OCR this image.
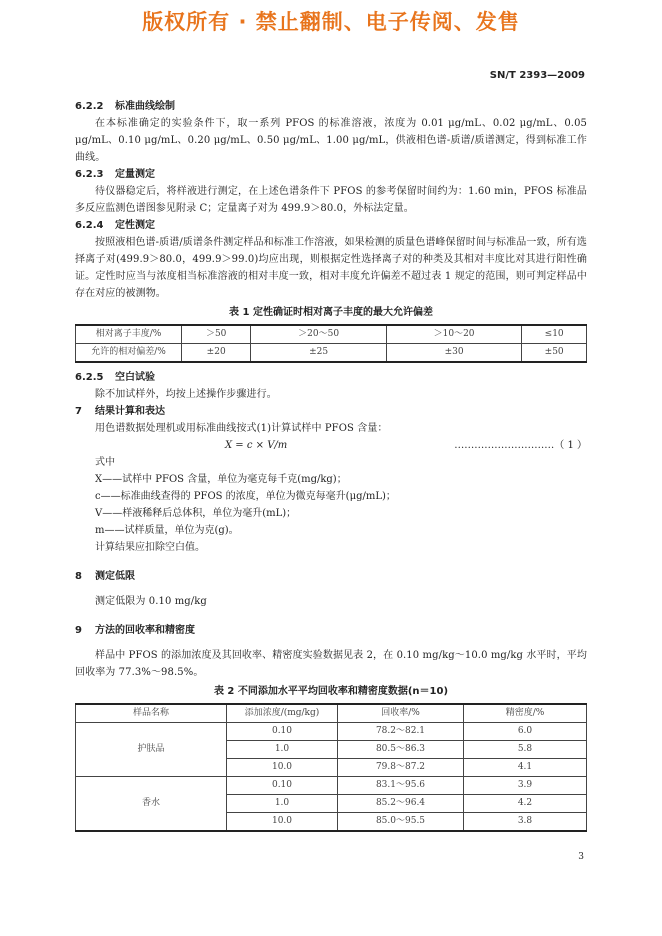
版权所有 · 禁止翻制、电子传阅、发售
SN/T 2393—2009
6.2.2 标准曲线绘制

在本标准确定的实验条件下，取一系列 PFOS 的标准溶液，浓度为 0.01 μg/mL、0.02 μg/mL、0.05 μg/mL、0.10 μg/mL、0.20 μg/mL、0.50 μg/mL、1.00 μg/mL，供液相色谱-质谱/质谱测定，得到标准工作曲线。

6.2.3 定量测定

待仪器稳定后，将样液进行测定，在上述色谱条件下 PFOS 的参考保留时间约为：1.60 min，PFOS 标准品多反应监测色谱图参见附录 C；定量离子对为 499.9＞80.0，外标法定量。

6.2.4 定性测定

按照液相色谱-质谱/质谱条件测定样品和标准工作溶液，如果检测的质量色谱峰保留时间与标准品一致，所有选择离子对(499.9＞80.0，499.9＞99.0)均应出现，则根据定性选择离子对的种类及其相对丰度比对其进行阳性确证。定性时应当与浓度相当标准溶液的相对丰度一致，相对丰度允许偏差不超过表 1 规定的范围，则可判定样品中存在对应的被测物。

表 1 定性确证时相对离子丰度的最大允许偏差
相对离子丰度/%	＞50	＞20～50	＞10～20	≤10
允许的相对偏差/%	±20	±25	±30	±50
6.2.5 空白试验

除不加试样外，均按上述操作步骤进行。

7 结果计算和表达

用色谱数据处理机或用标准曲线按式(1)计算试样中 PFOS 含量：

X = c × V/m	…………………………（ 1 ）

式中

X——试样中 PFOS 含量，单位为毫克每千克(mg/kg)；

c——标准曲线查得的 PFOS 的浓度，单位为微克每毫升(μg/mL)；

V——样液稀释后总体积，单位为毫升(mL)；

m——试样质量，单位为克(g)。

计算结果应扣除空白值。

8 测定低限

测定低限为 0.10 mg/kg

9 方法的回收率和精密度

样品中 PFOS 的添加浓度及其回收率、精密度实验数据见表 2，在 0.10 mg/kg～10.0 mg/kg 水平时，平均回收率为 77.3%～98.5%。

表 2 不同添加水平平均回收率和精密度数据(n＝10)
样品名称	添加浓度/(mg/kg)	回收率/%	精密度/%
护肤品	0.10	78.2～82.1	6.0
	1.0	80.5～86.3	5.8
	10.0	79.8～87.2	4.1
香水	0.10	83.1～95.6	3.9
	1.0	85.2～96.4	4.2
	10.0	85.0～95.5	3.8
3
